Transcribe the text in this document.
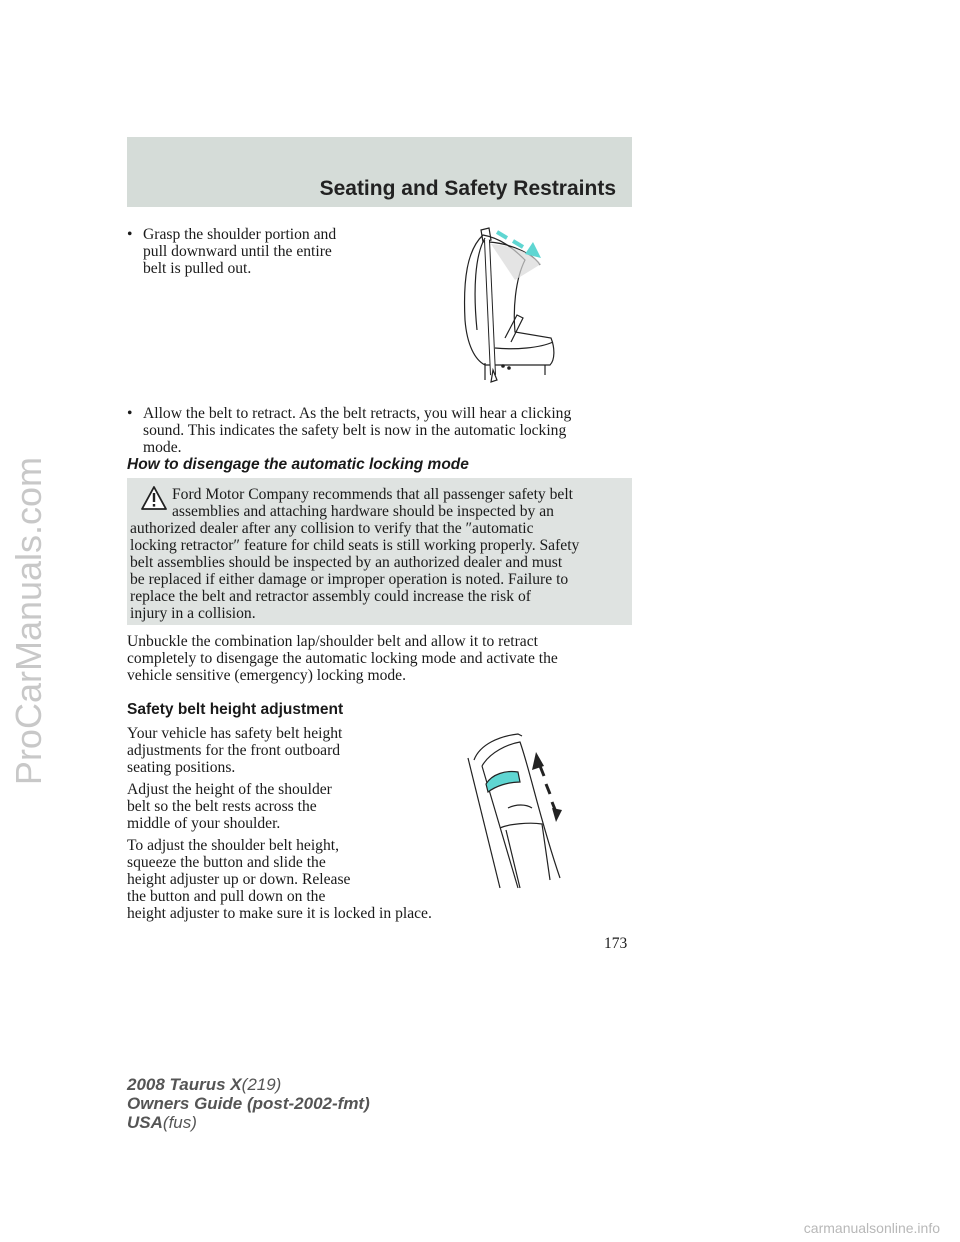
Seating and Safety Restraints
• Grasp the shoulder portion and
pull downward until the entire
belt is pulled out.
• Allow the belt to retract. As the belt retracts, you will hear a clicking
sound. This indicates the safety belt is now in the automatic locking
mode.
How to disengage the automatic locking mode
Ford Motor Company recommends that all passenger safety belt
assemblies and attaching hardware should be inspected by an
authorized dealer after any collision to verify that the ″automatic
locking retractor″ feature for child seats is still working properly. Safety
belt assemblies should be inspected by an authorized dealer and must
be replaced if either damage or improper operation is noted. Failure to
replace the belt and retractor assembly could increase the risk of
injury in a collision.
Unbuckle the combination lap/shoulder belt and allow it to retract
completely to disengage the automatic locking mode and activate the
vehicle sensitive (emergency) locking mode.
Safety belt height adjustment
Your vehicle has safety belt height
adjustments for the front outboard
seating positions.
Adjust the height of the shoulder
belt so the belt rests across the
middle of your shoulder.
To adjust the shoulder belt height,
squeeze the button and slide the
height adjuster up or down. Release
the button and pull down on the
height adjuster to make sure it is locked in place.
173
2008 Taurus X(219)
Owners Guide (post-2002-fmt)
USA(fus)
ProCarManuals.com
carmanualsonline.info
